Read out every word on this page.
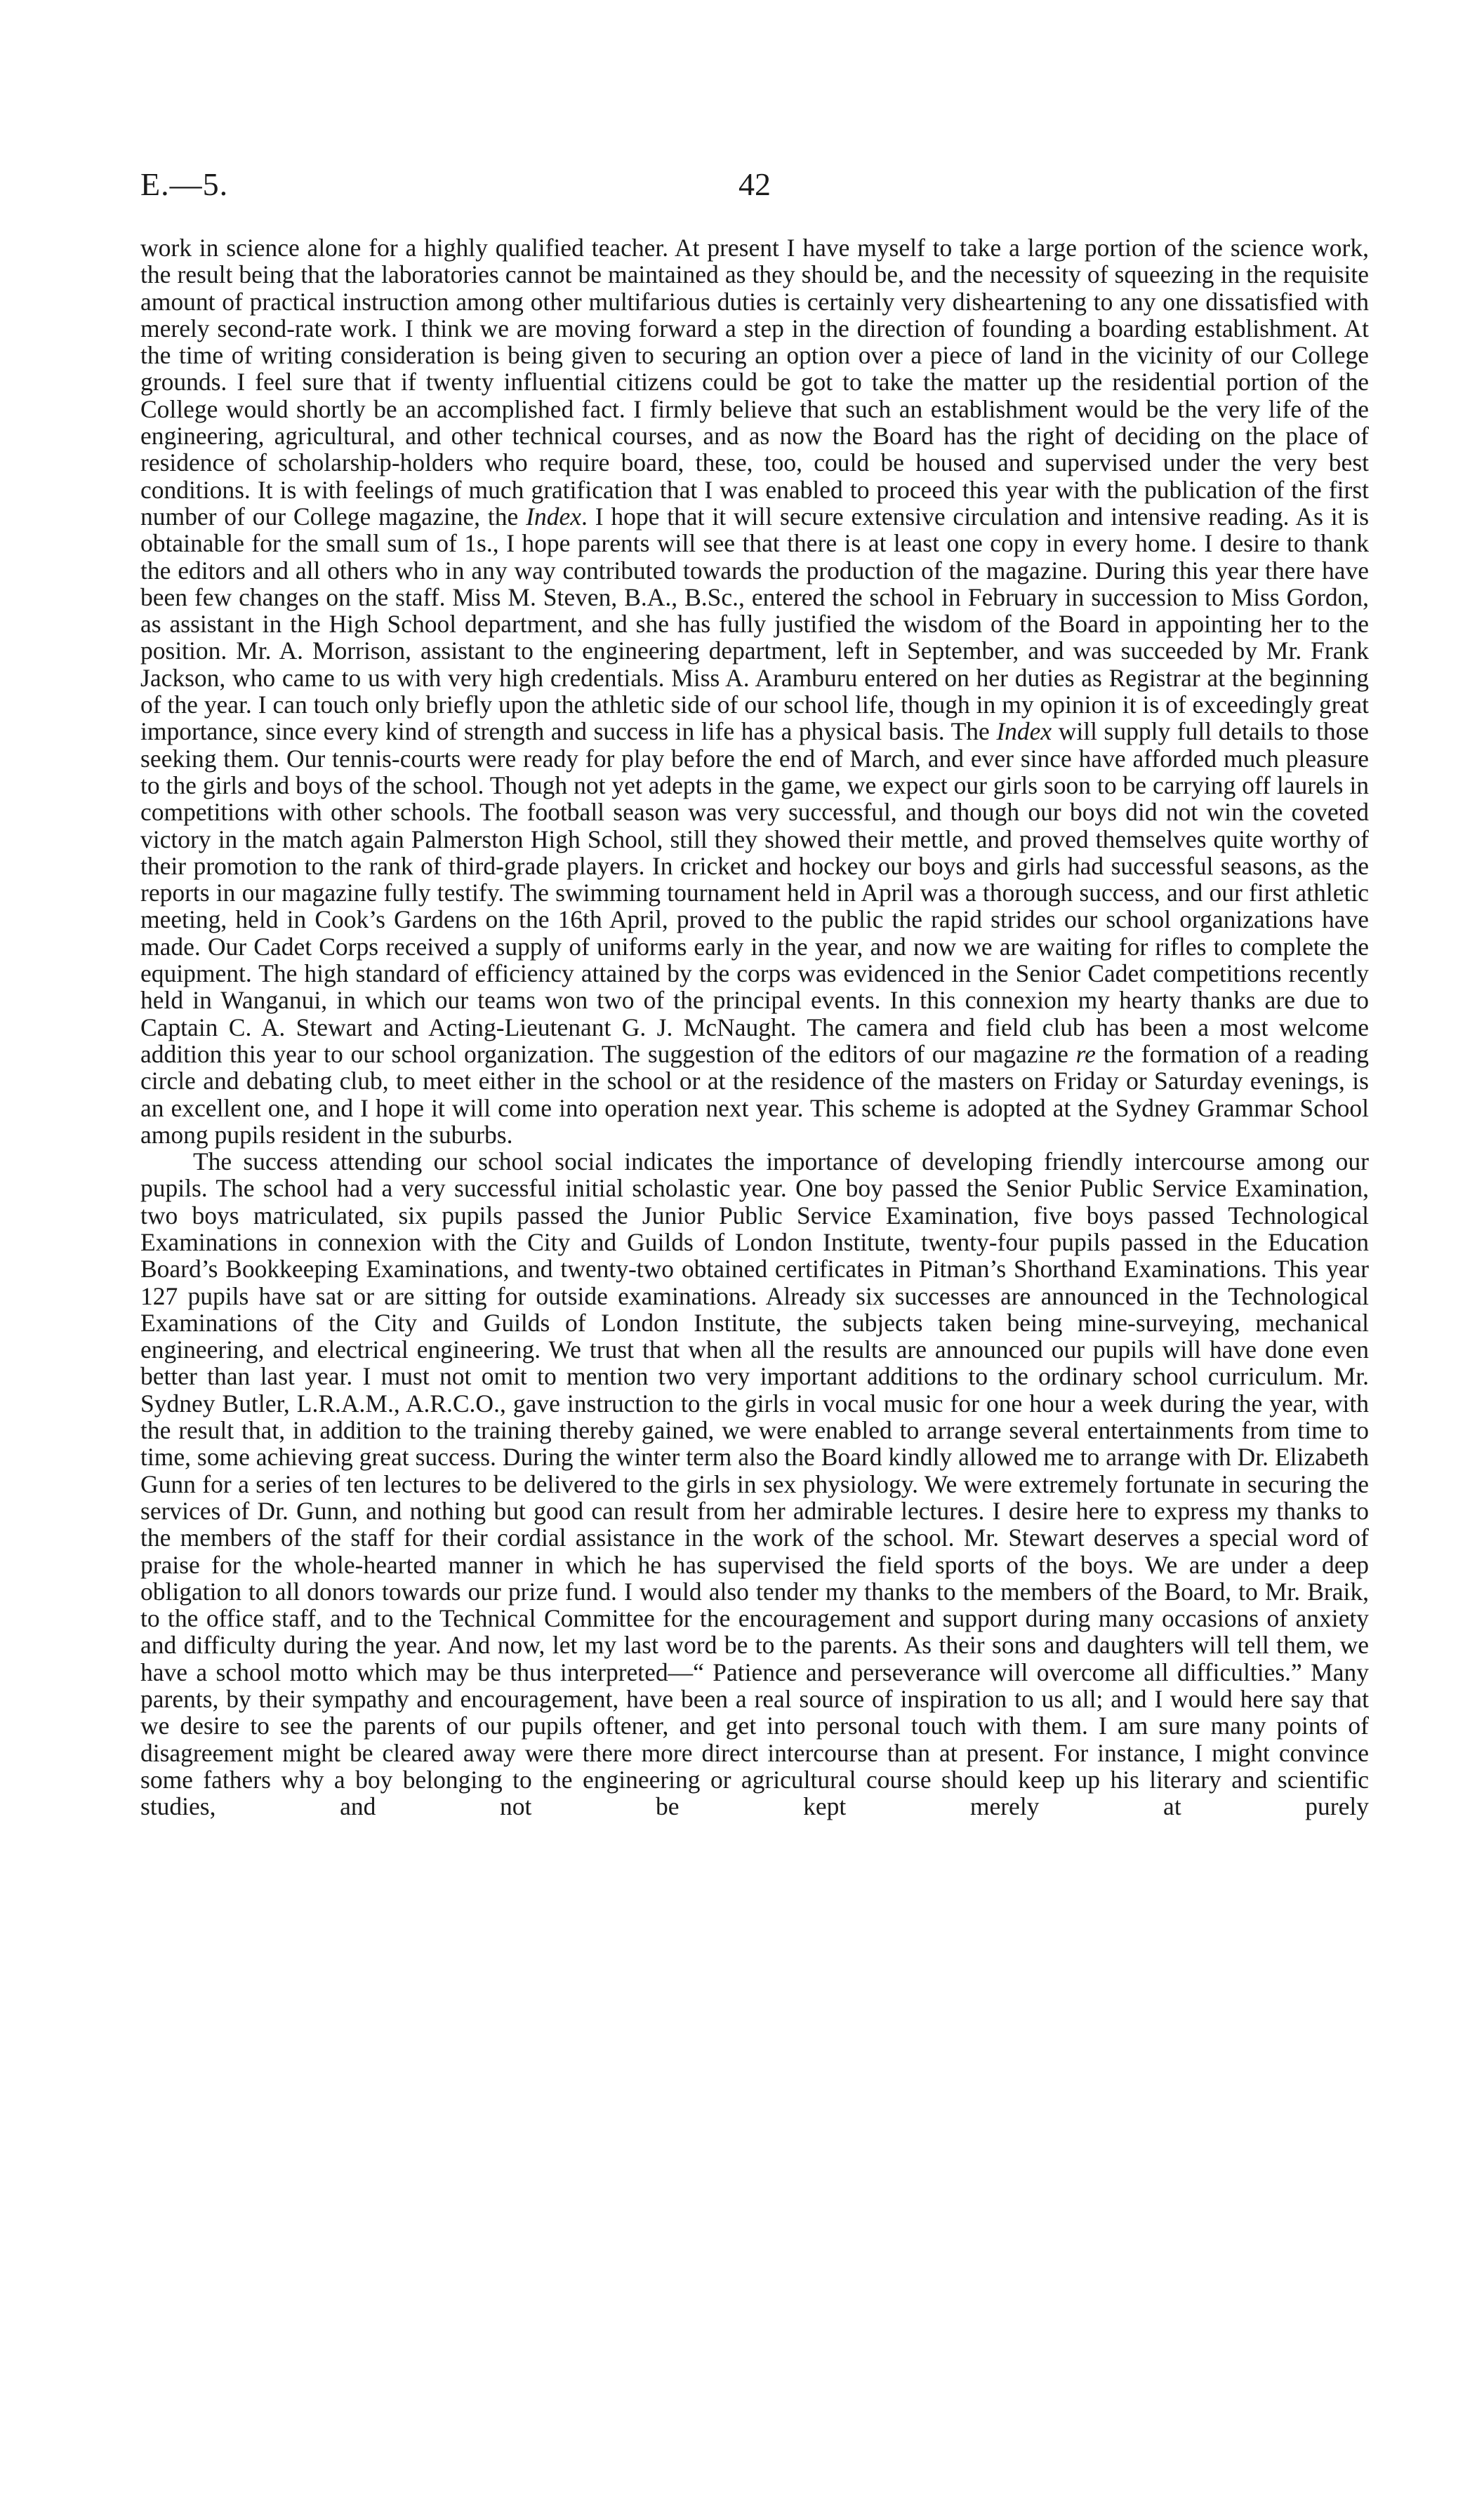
E.—5.	42

work in science alone for a highly qualified teacher. At present I have myself to take a large portion of the science work, the result being that the laboratories cannot be maintained as they should be, and the necessity of squeezing in the requisite amount of practical instruction among other multifarious duties is certainly very disheartening to any one dissatisfied with merely second-rate work. I think we are moving forward a step in the direction of founding a boarding establishment. At the time of writing consideration is being given to securing an option over a piece of land in the vicinity of our College grounds. I feel sure that if twenty influential citizens could be got to take the matter up the residential portion of the College would shortly be an accomplished fact. I firmly believe that such an establishment would be the very life of the engineering, agricultural, and other technical courses, and as now the Board has the right of deciding on the place of residence of scholarship-holders who require board, these, too, could be housed and supervised under the very best conditions. It is with feelings of much gratification that I was enabled to proceed this year with the publication of the first number of our College magazine, the Index. I hope that it will secure extensive circulation and intensive reading. As it is obtainable for the small sum of 1s., I hope parents will see that there is at least one copy in every home. I desire to thank the editors and all others who in any way contributed towards the production of the magazine. During this year there have been few changes on the staff. Miss M. Steven, B.A., B.Sc., entered the school in February in succession to Miss Gordon, as assistant in the High School department, and she has fully justified the wisdom of the Board in appointing her to the position. Mr. A. Morrison, assistant to the engineering department, left in September, and was succeeded by Mr. Frank Jackson, who came to us with very high credentials. Miss A. Aramburu entered on her duties as Registrar at the beginning of the year. I can touch only briefly upon the athletic side of our school life, though in my opinion it is of exceedingly great importance, since every kind of strength and success in life has a physical basis. The Index will supply full details to those seeking them. Our tennis-courts were ready for play before the end of March, and ever since have afforded much pleasure to the girls and boys of the school. Though not yet adepts in the game, we expect our girls soon to be carrying off laurels in competitions with other schools. The football season was very successful, and though our boys did not win the coveted victory in the match again Palmerston High School, still they showed their mettle, and proved themselves quite worthy of their promotion to the rank of third-grade players. In cricket and hockey our boys and girls had successful seasons, as the reports in our magazine fully testify. The swimming tournament held in April was a thorough success, and our first athletic meeting, held in Cook’s Gardens on the 16th April, proved to the public the rapid strides our school organizations have made. Our Cadet Corps received a supply of uniforms early in the year, and now we are waiting for rifles to complete the equipment. The high standard of efficiency attained by the corps was evidenced in the Senior Cadet competitions recently held in Wanganui, in which our teams won two of the principal events. In this connexion my hearty thanks are due to Captain C. A. Stewart and Acting-Lieutenant G. J. McNaught. The camera and field club has been a most welcome addition this year to our school organization. The suggestion of the editors of our magazine re the formation of a reading circle and debating club, to meet either in the school or at the residence of the masters on Friday or Saturday evenings, is an excellent one, and I hope it will come into operation next year. This scheme is adopted at the Sydney Grammar School among pupils resident in the suburbs.

The success attending our school social indicates the importance of developing friendly intercourse among our pupils. The school had a very successful initial scholastic year. One boy passed the Senior Public Service Examination, two boys matriculated, six pupils passed the Junior Public Service Examination, five boys passed Technological Examinations in connexion with the City and Guilds of London Institute, twenty-four pupils passed in the Education Board’s Bookkeeping Examinations, and twenty-two obtained certificates in Pitman’s Shorthand Examinations. This year 127 pupils have sat or are sitting for outside examinations. Already six successes are announced in the Technological Examinations of the City and Guilds of London Institute, the subjects taken being mine-surveying, mechanical engineering, and electrical engineering. We trust that when all the results are announced our pupils will have done even better than last year. I must not omit to mention two very important additions to the ordinary school curriculum. Mr. Sydney Butler, L.R.A.M., A.R.C.O., gave instruction to the girls in vocal music for one hour a week during the year, with the result that, in addition to the training thereby gained, we were enabled to arrange several entertainments from time to time, some achieving great success. During the winter term also the Board kindly allowed me to arrange with Dr. Elizabeth Gunn for a series of ten lectures to be delivered to the girls in sex physiology. We were extremely fortunate in securing the services of Dr. Gunn, and nothing but good can result from her admirable lectures. I desire here to express my thanks to the members of the staff for their cordial assistance in the work of the school. Mr. Stewart deserves a special word of praise for the whole-hearted manner in which he has supervised the field sports of the boys. We are under a deep obligation to all donors towards our prize fund. I would also tender my thanks to the members of the Board, to Mr. Braik, to the office staff, and to the Technical Committee for the encouragement and support during many occasions of anxiety and difficulty during the year. And now, let my last word be to the parents. As their sons and daughters will tell them, we have a school motto which may be thus interpreted—“ Patience and perseverance will overcome all difficulties.” Many parents, by their sympathy and encouragement, have been a real source of inspiration to us all; and I would here say that we desire to see the parents of our pupils oftener, and get into personal touch with them. I am sure many points of disagreement might be cleared away were there more direct intercourse than at present. For instance, I might convince some fathers why a boy belonging to the engineering or agricultural course should keep up his literary and scientific studies, and not be kept merely at purely
